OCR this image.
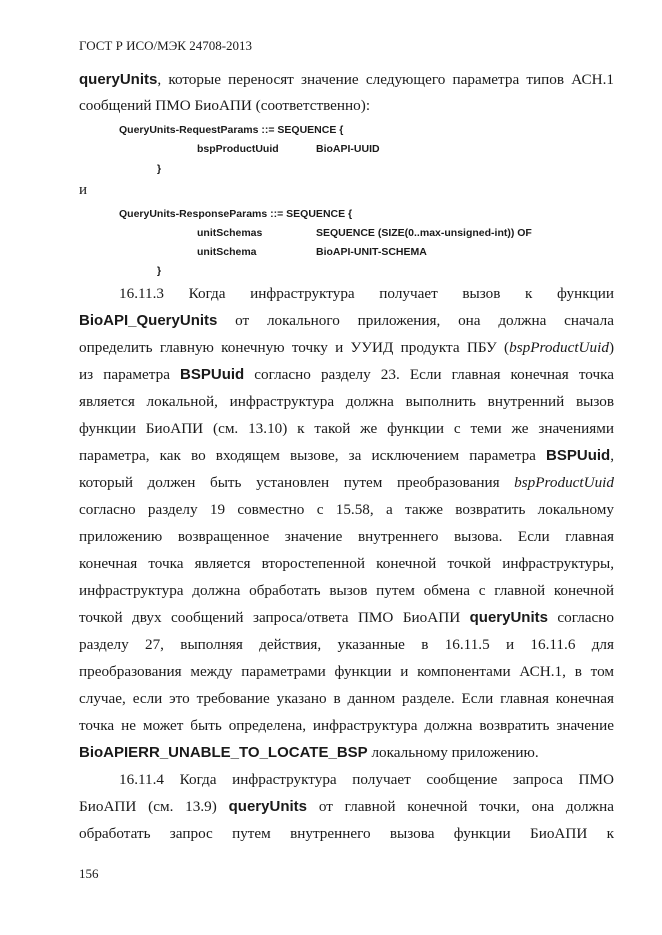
ГОСТ Р ИСО/МЭК 24708-2013
queryUnits, которые переносят значение следующего параметра типов АСН.1
сообщений ПМО БиоАПИ (соответственно):
QueryUnits-RequestParams ::= SEQUENCE {
bspProductUuid	BioAPI-UUID
}
и
QueryUnits-ResponseParams ::= SEQUENCE {
unitSchemas	SEQUENCE (SIZE(0..max-unsigned-int)) OF
unitSchema	BioAPI-UNIT-SCHEMA
}
16.11.3 Когда инфраструктура получает вызов к функции
BioAPI_QueryUnits от локального приложения, она должна сначала
определить главную конечную точку и УУИД продукта ПБУ (bspProductUuid)
из параметра BSPUuid согласно разделу 23. Если главная конечная точка
является локальной, инфраструктура должна выполнить внутренний вызов
функции БиоАПИ (см. 13.10) к такой же функции с теми же значениями
параметра, как во входящем вызове, за исключением параметра BSPUuid,
который должен быть установлен путем преобразования bspProductUuid
согласно разделу 19 совместно с 15.58, а также возвратить локальному
приложению возвращенное значение внутреннего вызова. Если главная
конечная точка является второстепенной конечной точкой инфраструктуры,
инфраструктура должна обработать вызов путем обмена с главной конечной
точкой двух сообщений запроса/ответа ПМО БиоАПИ queryUnits согласно
разделу 27, выполняя действия, указанные в 16.11.5 и 16.11.6 для
преобразования между параметрами функции и компонентами АСН.1, в том
случае, если это требование указано в данном разделе. Если главная конечная
точка не может быть определена, инфраструктура должна возвратить значение
BioAPIERR_UNABLE_TO_LOCATE_BSP локальному приложению.
16.11.4 Когда инфраструктура получает сообщение запроса ПМО
БиоАПИ (см. 13.9) queryUnits от главной конечной точки, она должна
обработать запрос путем внутреннего вызова функции БиоАПИ к
156
